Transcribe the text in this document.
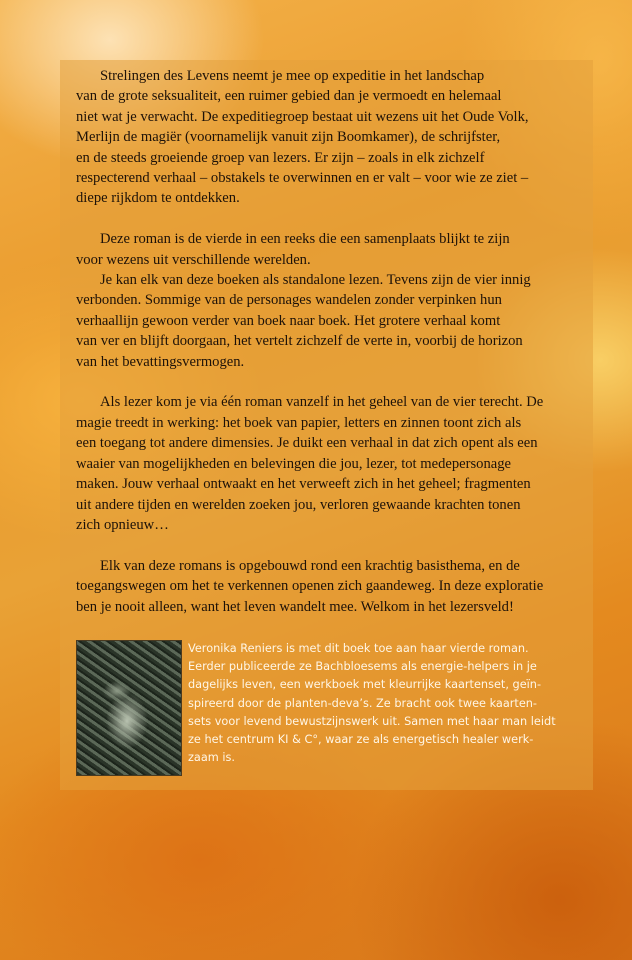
Strelingen des Levens neemt je mee op expeditie in het landschap
van de grote seksualiteit, een ruimer gebied dan je vermoedt en helemaal
niet wat je verwacht. De expeditiegroep bestaat uit wezens uit het Oude Volk,
Merlijn de magiër (voornamelijk vanuit zijn Boomkamer), de schrijfster,
en de steeds groeiende groep van lezers. Er zijn – zoals in elk zichzelf
respecterend verhaal – obstakels te overwinnen en er valt – voor wie ze ziet –
diepe rijkdom te ontdekken.

Deze roman is de vierde in een reeks die een samenplaats blijkt te zijn
voor wezens uit verschillende werelden.
Je kan elk van deze boeken als standalone lezen. Tevens zijn de vier innig
verbonden. Sommige van de personages wandelen zonder verpinken hun
verhaallijn gewoon verder van boek naar boek. Het grotere verhaal komt
van ver en blijft doorgaan, het vertelt zichzelf de verte in, voorbij de horizon
van het bevattingsvermogen.

Als lezer kom je via één roman vanzelf in het geheel van de vier terecht. De
magie treedt in werking: het boek van papier, letters en zinnen toont zich als
een toegang tot andere dimensies. Je duikt een verhaal in dat zich opent als een
waaier van mogelijkheden en belevingen die jou, lezer, tot medepersonage
maken. Jouw verhaal ontwaakt en het verweeft zich in het geheel; fragmenten
uit andere tijden en werelden zoeken jou, verloren gewaande krachten tonen
zich opnieuw…

Elk van deze romans is opgebouwd rond een krachtig basisthema, en de
toegangswegen om het te verkennen openen zich gaandeweg. In deze exploratie
ben je nooit alleen, want het leven wandelt mee. Welkom in het lezersveld!

Veronika Reniers is met dit boek toe aan haar vierde roman.
Eerder publiceerde ze Bachbloesems als energie-helpers in je
dagelijks leven, een werkboek met kleurrijke kaartenset, geïn-
spireerd door de planten-deva’s. Ze bracht ook twee kaarten-
sets voor levend bewustzijnswerk uit. Samen met haar man leidt
ze het centrum KI & C°, waar ze als energetisch healer werk-
zaam is.
